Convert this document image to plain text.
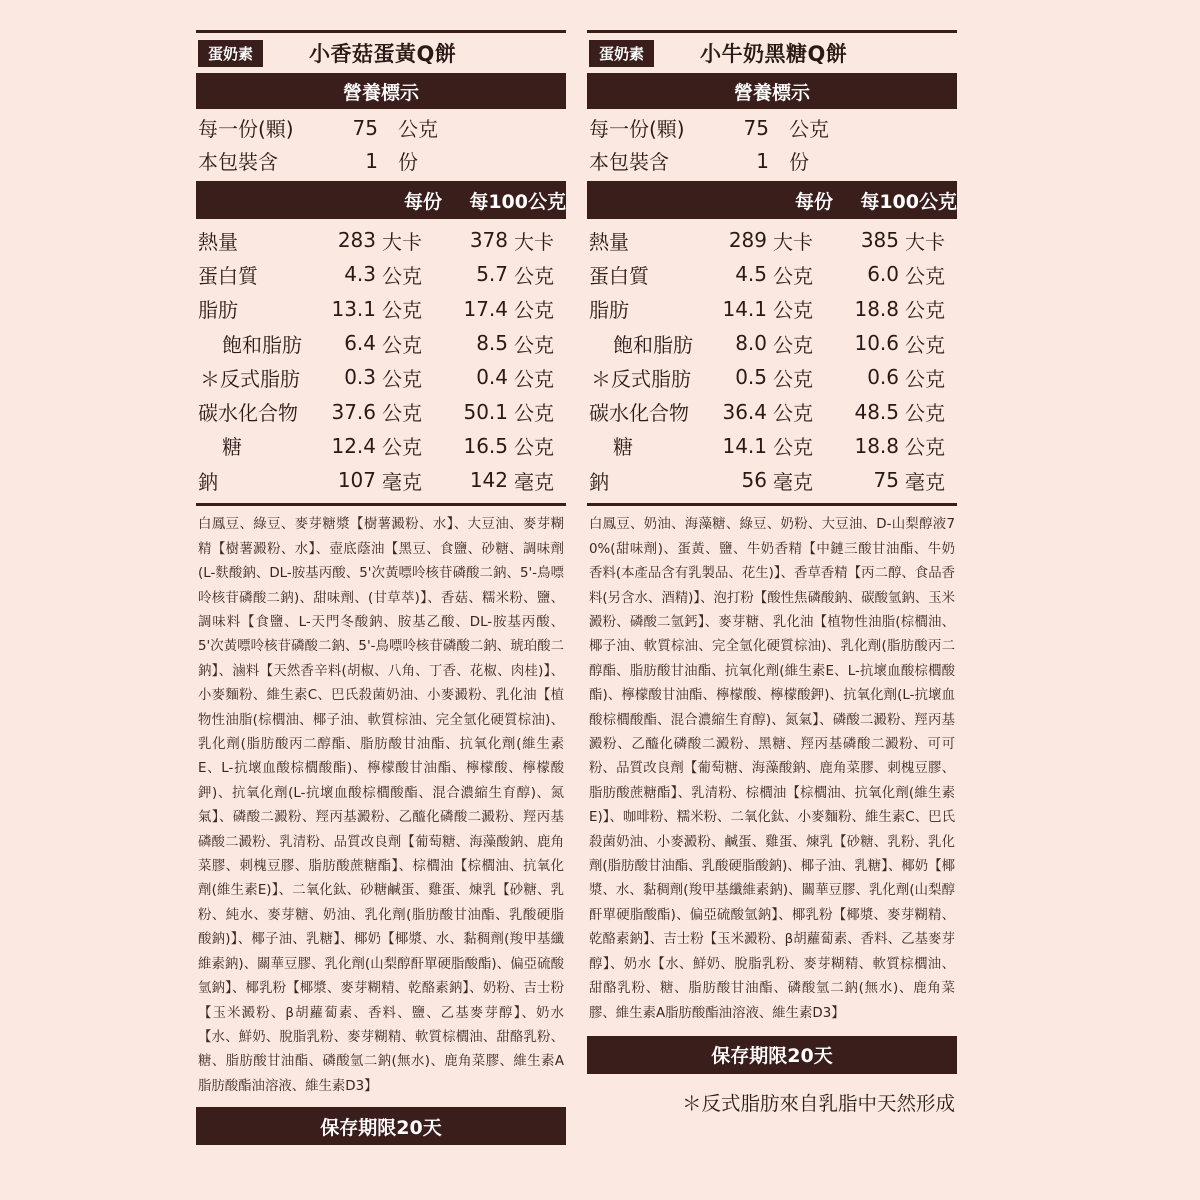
蛋奶素	小香菇蛋黃Q餅
營養標示
每一份(顆)	75 公克
本包裝含	1 份
每份	每100公克
熱量	283 大卡	378 大卡
蛋白質	4.3 公克	5.7 公克
脂肪	13.1 公克	17.4 公克
飽和脂肪	6.4 公克	8.5 公克
＊反式脂肪	0.3 公克	0.4 公克
碳水化合物	37.6 公克	50.1 公克
糖	12.4 公克	16.5 公克
鈉	107 毫克	142 毫克
白鳳豆、綠豆、麥芽糖漿【樹薯澱粉、水】、大豆油、麥芽糊精【樹薯澱粉、水】、壺底蔭油【黑豆、食鹽、砂糖、調味劑(L-麩酸鈉、DL-胺基丙酸、5'次黃嘌呤核苷磷酸二鈉、5'-鳥嘌呤核苷磷酸二鈉)、甜味劑、(甘草萃)】、香菇、糯米粉、鹽、調味料【食鹽、L-天門冬酸鈉、胺基乙酸、DL-胺基丙酸、5'次黃嘌呤核苷磷酸二鈉、5'-鳥嘌呤核苷磷酸二鈉、琥珀酸二鈉】、滷料【天然香辛料(胡椒、八角、丁香、花椒、肉桂)】、小麥麵粉、維生素C、巴氏殺菌奶油、小麥澱粉、乳化油【植物性油脂(棕櫚油、椰子油、軟質棕油、完全氫化硬質棕油)、乳化劑(脂肪酸丙二醇酯、脂肪酸甘油酯、抗氧化劑(維生素E、L-抗壞血酸棕櫚酸酯)、檸檬酸甘油酯、檸檬酸、檸檬酸鉀)、抗氧化劑(L-抗壞血酸棕櫚酸酯、混合濃縮生育醇)、氮氣】、磷酸二澱粉、羥丙基澱粉、乙醯化磷酸二澱粉、羥丙基磷酸二澱粉、乳清粉、品質改良劑【葡萄糖、海藻酸鈉、鹿角菜膠、刺槐豆膠、脂肪酸蔗糖酯】、棕櫚油【棕櫚油、抗氧化劑(維生素E)】、二氧化鈦、砂糖鹹蛋、雞蛋、煉乳【砂糖、乳粉、純水、麥芽糖、奶油、乳化劑(脂肪酸甘油酯、乳酸硬脂酸鈉)】、椰子油、乳糖】、椰奶【椰漿、水、黏稠劑(羧甲基纖維素鈉)、關華豆膠、乳化劑(山梨醇酐單硬脂酸酯)、偏亞硫酸氫鈉】、椰乳粉【椰漿、麥芽糊精、乾酪素鈉】、奶粉、吉士粉【玉米澱粉、β胡蘿蔔素、香料、鹽、乙基麥芽醇】、奶水【水、鮮奶、脫脂乳粉、麥芽糊精、軟質棕櫚油、甜酪乳粉、糖、脂肪酸甘油酯、磷酸氫二鈉(無水)、鹿角菜膠、維生素A脂肪酸酯油溶液、維生素D3】
保存期限20天
蛋奶素	小牛奶黑糖Q餅
營養標示
每一份(顆)	75 公克
本包裝含	1 份
每份	每100公克
熱量	289 大卡	385 大卡
蛋白質	4.5 公克	6.0 公克
脂肪	14.1 公克	18.8 公克
飽和脂肪	8.0 公克	10.6 公克
＊反式脂肪	0.5 公克	0.6 公克
碳水化合物	36.4 公克	48.5 公克
糖	14.1 公克	18.8 公克
鈉	56 毫克	75 毫克
白鳳豆、奶油、海藻糖、綠豆、奶粉、大豆油、D-山梨醇液70%(甜味劑)、蛋黃、鹽、牛奶香精【中鏈三酸甘油酯、牛奶香料(本產品含有乳製品、花生)】、香草香精【丙二醇、食品香料(另含水、酒精)】、泡打粉【酸性焦磷酸鈉、碳酸氫鈉、玉米澱粉、磷酸二氫鈣】、麥芽糖、乳化油【植物性油脂(棕櫚油、椰子油、軟質棕油、完全氫化硬質棕油)、乳化劑(脂肪酸丙二醇酯、脂肪酸甘油酯、抗氧化劑(維生素E、L-抗壞血酸棕櫚酸酯)、檸檬酸甘油酯、檸檬酸、檸檬酸鉀)、抗氧化劑(L-抗壞血酸棕櫚酸酯、混合濃縮生育醇)、氮氣】、磷酸二澱粉、羥丙基澱粉、乙醯化磷酸二澱粉、黑糖、羥丙基磷酸二澱粉、可可粉、品質改良劑【葡萄糖、海藻酸鈉、鹿角菜膠、刺槐豆膠、脂肪酸蔗糖酯】、乳清粉、棕櫚油【棕櫚油、抗氧化劑(維生素E)】、咖啡粉、糯米粉、二氧化鈦、小麥麵粉、維生素C、巴氏殺菌奶油、小麥澱粉、鹹蛋、雞蛋、煉乳【砂糖、乳粉、乳化劑(脂肪酸甘油酯、乳酸硬脂酸鈉)、椰子油、乳糖】、椰奶【椰漿、水、黏稠劑(羧甲基纖維素鈉)、關華豆膠、乳化劑(山梨醇酐單硬脂酸酯)、偏亞硫酸氫鈉】、椰乳粉【椰漿、麥芽糊精、乾酪素鈉】、吉士粉【玉米澱粉、β胡蘿蔔素、香料、乙基麥芽醇】、奶水【水、鮮奶、脫脂乳粉、麥芽糊精、軟質棕櫚油、甜酪乳粉、糖、脂肪酸甘油酯、磷酸氫二鈉(無水)、鹿角菜膠、維生素A脂肪酸酯油溶液、維生素D3】
保存期限20天
＊反式脂肪來自乳脂中天然形成
